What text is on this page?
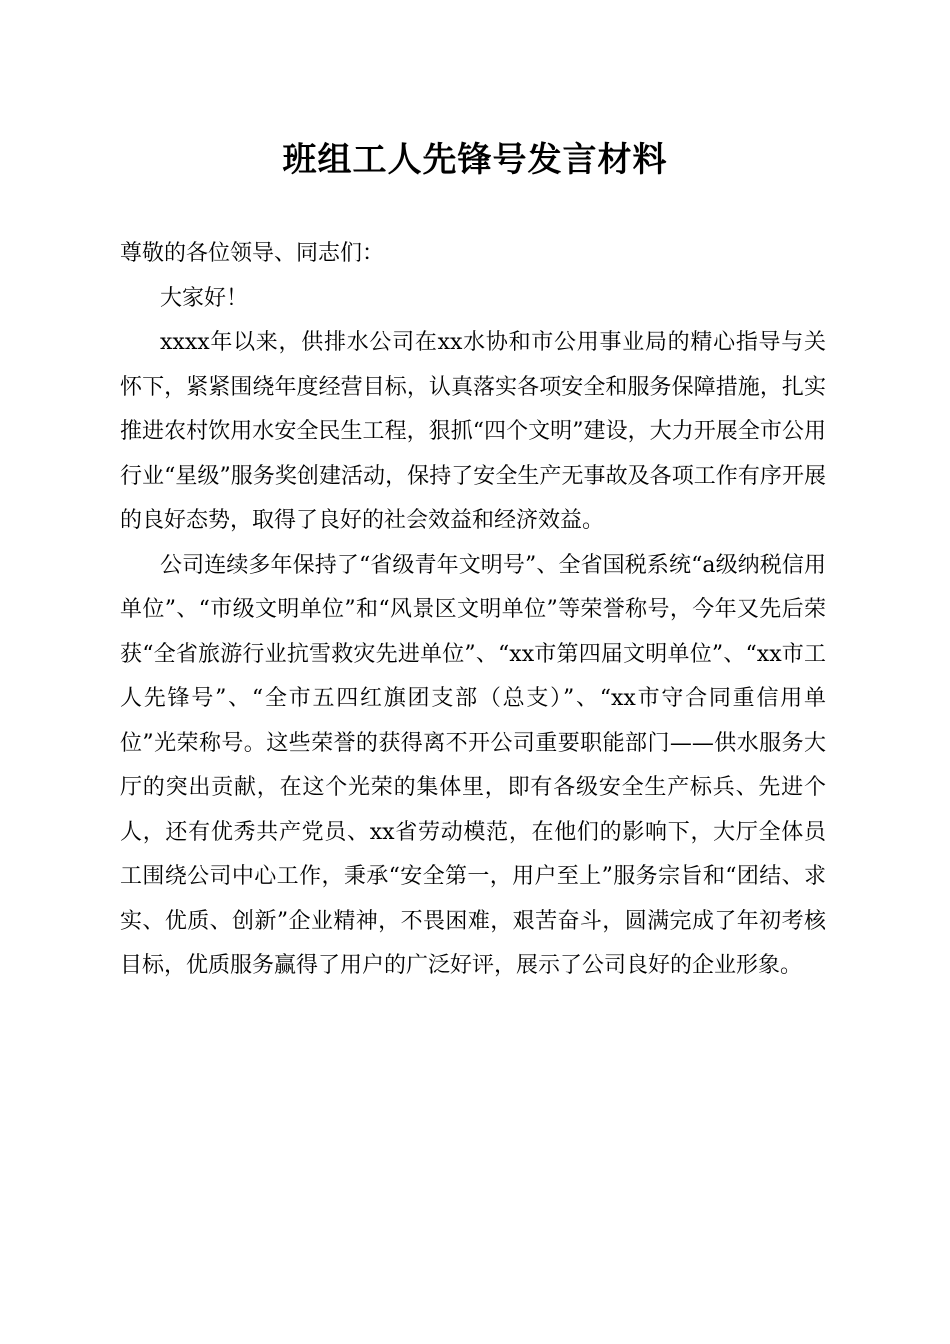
班组工人先锋号发言材料

尊敬的各位领导、同志们：

大家好！

xxxx年以来，供排水公司在xx水协和市公用事业局的精心指导与关怀下，紧紧围绕年度经营目标，认真落实各项安全和服务保障措施，扎实推进农村饮用水安全民生工程，狠抓“四个文明”建设，大力开展全市公用行业“星级”服务奖创建活动，保持了安全生产无事故及各项工作有序开展的良好态势，取得了良好的社会效益和经济效益。

公司连续多年保持了“省级青年文明号”、全省国税系统“a级纳税信用单位”、“市级文明单位”和“风景区文明单位”等荣誉称号，今年又先后荣获“全省旅游行业抗雪救灾先进单位”、“xx市第四届文明单位”、“xx市工人先锋号”、“全市五四红旗团支部（总支）”、“xx市守合同重信用单位”光荣称号。这些荣誉的获得离不开公司重要职能部门——供水服务大厅的突出贡献，在这个光荣的集体里，即有各级安全生产标兵、先进个人，还有优秀共产党员、xx省劳动模范，在他们的影响下，大厅全体员工围绕公司中心工作，秉承“安全第一，用户至上”服务宗旨和“团结、求实、优质、创新”企业精神，不畏困难，艰苦奋斗，圆满完成了年初考核目标，优质服务赢得了用户的广泛好评，展示了公司良好的企业形象。
